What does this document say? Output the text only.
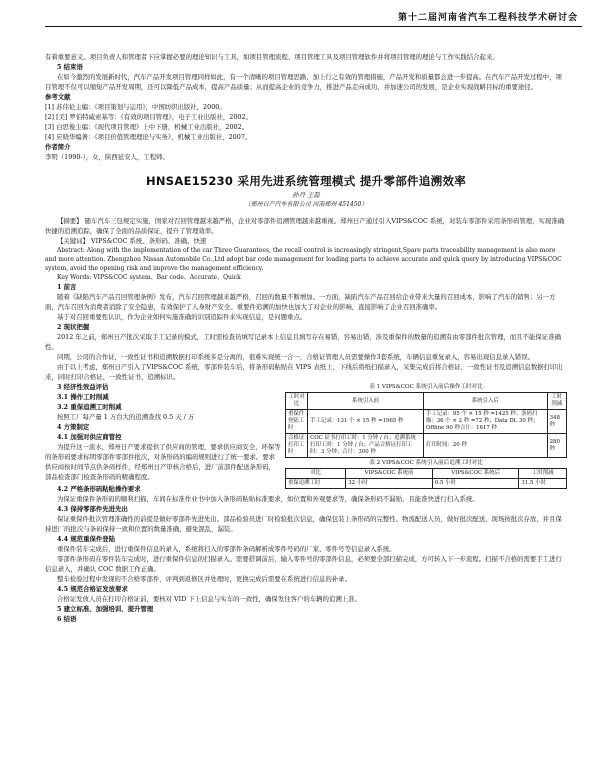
第十二届河南省汽车工程科技学术研讨会

有着重要意义。项目负责人和管理者下应掌握必要的理论知识与工具，如项目管理流程、项目管理工具及项目管理软件并将项目管理的理论与工作实践结合起来。

5 结束语

在如今激烈的发展新时代，汽车产品开发项目管理同样如此，有一个清晰的项目管理思路，加上行之有效的管理措施，产品开发和质量都会进一步提高。在汽车产品开发过程中，项目管理不仅可以缩短产品开发周期，还可以降低产品成本，提高产品质量；从而提高企业的竞争力，推进产品走向成功，并加速公司的发展，是企业实现战略目标的重要途径。

参考文献

[1] 苏伟伦主编：《项目策划与运用》，中国纺织出版社，2000。

[2] [美] 罗伯特威索基等：《有效的项目管理》，电子工业出版社，2002。

[3] 白思俊主编：《现代项目管理》上中下册，机械工业出版社，2002。

[4] 应晓华编著：《项目价值管理理论与实务》，机械工业出版社，2007。

作者简介

李明（1990-），女，陕西延安人，工程师。

HNSAE15230 采用先进系统管理模式 提升零部件追溯效率
孙丹 王磊
（郑州日产汽车有限公司 河南郑州 451450）

【摘要】 随车汽车三包规定实施，国家对召回管理越来越严格，企业对零部件追溯管理越来越重视。郑州日产通过引入VIPS&COC 系统，对装车零部件采用条形码管理，实现准确快捷的追溯追踪，确保了全面的品质保证，提升了管理效率。

【关键词】 VIPS&COC 系统、条形码、准确、快速

Abstract: Along with the implementation of the car Three Guarantees, the recall control is increasingly stringent,Spare parts traceability management is also more and more attention. Zhengzhou Nissan Automobile Co.,Ltd adopt bar code management for loading parts to achieve accurate and quick query by introducing VIPS&COC system, avoid the opening risk and improve the management efficiency.

Key Words: VIPS&COC system、Bar code、Accurate、Quick

1 前言

随着《缺陷汽车产品召回管理条例》发布，汽车召回管理越来越严格，召回的数量不断增加。一方面，缺陷汽车产品召回给企业带来大量的召回成本，影响了汽车的销售；另一方面，汽车召回为消费者消除了安全隐患，有效保护了人身财产安全。重要件追溯的加快也加大了对企业的影响，直接影响了企业召回准确率。

基于对召回重要性认识，作为企业如何实施准确的识别追踪件来实现信息，是问题重点。

2 现状把握

2012 年之前，郑州日产批次采取手工记录的模式，工时需检查员填写记录本上信息且填写存在易错，容易出错，涉及重保件的数量的追溯有由零部件批次管理，而且不能保证准确性。

同期，公司的合作证，一致性证书和追溯数据打印系统多是分离的，很难实现统一合一，合格证管理人员需要操作3套系统，车辆信息重复录入，容易出现信息录入错误。

由于以上考虑，郑州日产引入了VIPS&COC 系统，零部件装车后，将条形码粘贴在 VIPS 表纸上，下线后将纸扫描录入，采集完成后将合格证、一致性证书及追溯信息数据打印出来，同时打印合格证、一致性证书、追溯标识。

3 经济性效益评估

3.1 操作工时削减

3.2 重保追溯工时削减

按照工厂每产量 1 万台大的追溯查找 0.5 天 / 万

4 方策制定

4.1 加强对供应商管控

为提升这一流水，郑州日产要求提供了供应商的管理，要求供应商安全、环保等的条形码要求标明零部件零部件批次，对条形码的编码规则进行了统一要求。要求供应商按时间节点供条码样件，经郑州日产审核合格后，进厂前部件配送条形码，部品检查部门检查条形码的精确程度。

表 1 VIPS&COC 系统引入前后操作工时对比
工时对比	系统引入前	系统引入后	工时削减
重保件登陆工时	手工记录：131 个 × 15 秒 =1965 秒	手工记录：95 个 × 15 秒 =1425 秒；条码扫描：36 个 × 2 秒 =72 秒；Data DL 30 秒；Offline 90 秒合计：1617 秒	348 秒
合格证打印工时	COC 证书打印工时：1 分钟 / 台；追溯系统打印工时：1 分钟 / 台；产品合格证打印工时：3 分钟；合计：300 秒	打印时间：20 秒	280 秒
表 2 VIPS&COC 系统引入前后追溯工时对比
对比	VIPS&COC 系统前	VIPS&COC 系统后	工时削减
重保追溯工时	32 小时	0.5 小时	31.5 小时

4.2 严格条形码粘贴操作要求

为保证重保件条形码的顺利扫描，车间在标准作业书中加入条形码粘贴标准要求，如位置和外观要求等，确保条形码不漏贴，且能准快进行扫入系统。

4.3 保持零部件先进先出

保证重保件批次管理准确性的前提是做好零部件先进先出。部品检验员进厂时检验批次信息，确保包装上条形码的完整性、物流配送人员，做好批次配送，现场按批次存放，并且保持进厂的批次与条码保持一致和位置的数量准确，避免混乱，漏装。

4.4 规范重保件登陆

重保件装车完成后，进行重保件信息的录入，系统将扫入的零部件条码解析成零件号码的厂家、零件号等信息录入系统。

零部件条形码在零件装车完成时，进行重保件信息的扫描录入。需要搭调前后，输入零件号的零部件信息，必须要全部扫描完成，方可转入下一步流程。扫描不合格的需要手工进行信息录入，并确认 COC 数据工作正确。

整车检验过程中发现的不合格零部件，评判到返修区并处理时，更换完成后需要在系统进行信息的补录。

4.5 规范合格证发放要求

合格证发放人员在打印合格证前，要核对 VID 下上信息与实车的一致性，确保发往客户的车辆的追溯上准。

5 建立标准、加强培训、提升管理

6 结语
